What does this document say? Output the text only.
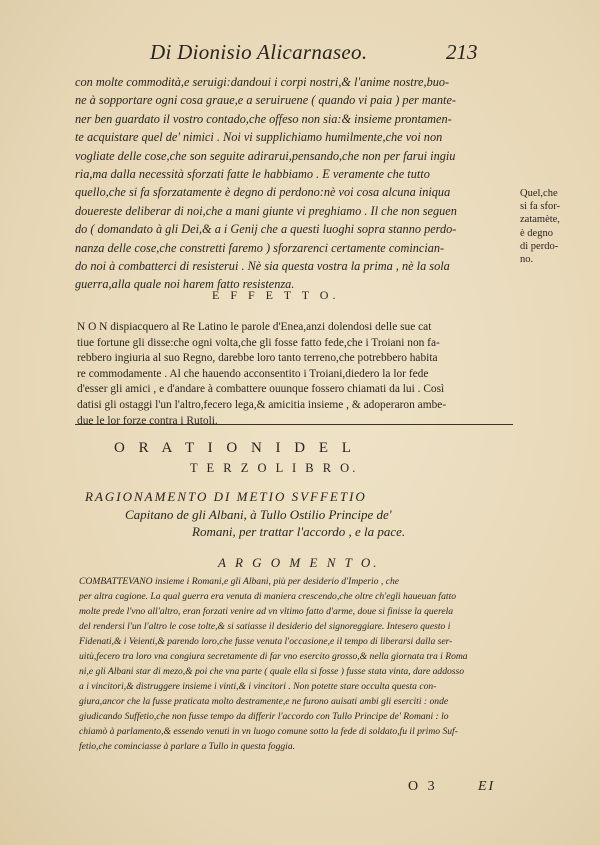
Di Dionisio Alicarnaseo.	213
con molte commodità,e seruigi:dandoui i corpi nostri,& l'anime nostre,buo-
ne à sopportare ogni cosa graue,e a seruiruene ( quando vi paia ) per mante-
ner ben guardato il vostro contado,che offeso non sia:& insieme prontamen-
te acquistare quel de' nimici . Noi vi supplichiamo humilmente,che voi non
vogliate delle cose,che son seguite adirarui,pensando,che non per farui ingiu
ria,ma dalla necessità sforzati fatte le habbiamo . E veramente che tutto
quello,che si fa sforzatamente è degno di perdono:nè voi cosa alcuna iniqua
douereste deliberar di noi,che a mani giunte vi preghiamo . Il che non seguen
do ( domandato à gli Dei,& a i Genij che a questi luoghi sopra stanno perdo-
nanza delle cose,che constretti faremo ) sforzarenci certamente comincian-
do noi à combatterci di resisterui . Nè sia questa vostra la prima , nè la sola
guerra,alla quale noi harem fatto resistenza.
Quel,che
si fa sfor-
zatamète,
è degno
di perdo-
no.
E F F E T T O.
N O N dispiacquero al Re Latino le parole d'Enea,anzi dolendosi delle sue cat
tiue fortune gli disse:che ogni volta,che gli fosse fatto fede,che i Troiani non fa-
rebbero ingiuria al suo Regno, darebbe loro tanto terreno,che potrebbero habita
re commodamente . Al che hauendo acconsentito i Troiani,diedero la lor fede
d'esser gli amici , e d'andare à combattere ouunque fossero chiamati da lui . Così
datisi gli ostaggi l'un l'altro,fecero lega,& amicitia insieme , & adoperaron ambe-
due le lor forze contra i Rutoli.
O R A T I O N I D E L
T E R Z O L I B R O.
RAGIONAMENTO DI METIO SVFFETIO
Capitano de gli Albani, à Tullo Ostilio Principe de'
Romani, per trattar l'accordo , e la pace.
A R G O M E N T O.
COMBATTEVANO insieme i Romani,e gli Albani, più per desiderio d'Imperio , che
per altra cagione. La qual guerra era venuta di maniera crescendo,che oltre ch'egli haueuan fatto
molte prede l'vno all'altro, eran forzati venire ad vn vltimo fatto d'arme, doue si finisse la querela
del rendersi l'un l'altro le cose tolte,& si satiasse il desiderio del signoreggiare. Intesero questo i
Fidenati,& i Veienti,& parendo loro,che fusse venuta l'occasione,e il tempo di liberarsi dalla ser-
uitù,fecero tra loro vna congiura secretamente di far vno esercito grosso,& nella giornata tra i Roma
ni,e gli Albani star di mezo,& poi che vna parte ( quale ella si fosse ) fusse stata vinta, dare addosso
a i vincitori,& distruggere insieme i vinti,& i vincitori . Non potette stare occulta questa con-
giura,ancor che la fusse praticata molto destramente,e ne furono auisati ambi gli eserciti : onde
giudicando Suffetio,che non fusse tempo da differir l'accordo con Tullo Principe de' Romani : lo
chiamò à parlamento,& essendo venuti in vn luogo comune sotto la fede di soldato,fu il primo Suf-
fetio,che cominciasse à parlare a Tullo in questa foggia.
O 3	EI
